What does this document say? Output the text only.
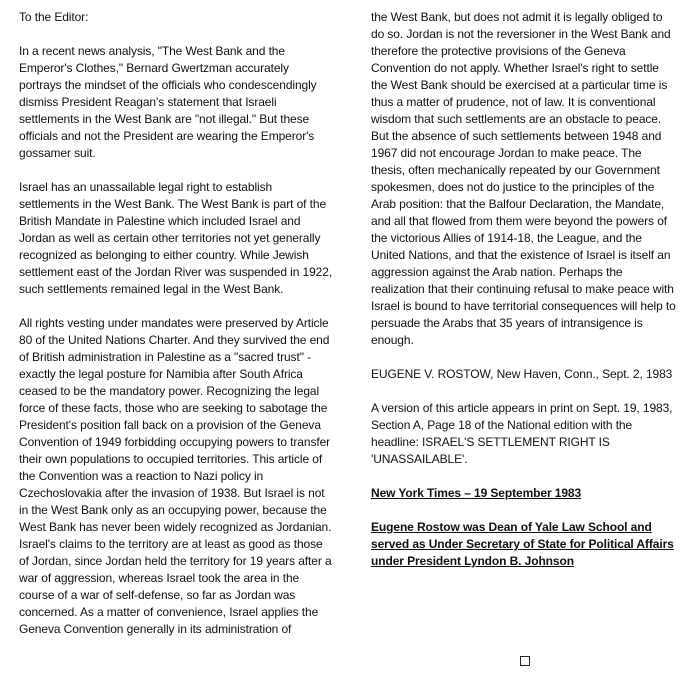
To the Editor:

In a recent news analysis, "The West Bank and the Emperor's Clothes," Bernard Gwertzman accurately portrays the mindset of the officials who condescendingly dismiss President Reagan's statement that Israeli settlements in the West Bank are "not illegal." But these officials and not the President are wearing the Emperor's gossamer suit.

Israel has an unassailable legal right to establish settlements in the West Bank. The West Bank is part of the British Mandate in Palestine which included Israel and Jordan as well as certain other territories not yet generally recognized as belonging to either country. While Jewish settlement east of the Jordan River was suspended in 1922, such settlements remained legal in the West Bank.

All rights vesting under mandates were preserved by Article 80 of the United Nations Charter. And they survived the end of British administration in Palestine as a "sacred trust" - exactly the legal posture for Namibia after South Africa ceased to be the mandatory power. Recognizing the legal force of these facts, those who are seeking to sabotage the President's position fall back on a provision of the Geneva Convention of 1949 forbidding occupying powers to transfer their own populations to occupied territories. This article of the Convention was a reaction to Nazi policy in Czechoslovakia after the invasion of 1938. But Israel is not in the West Bank only as an occupying power, because the West Bank has never been widely recognized as Jordanian. Israel's claims to the territory are at least as good as those of Jordan, since Jordan held the territory for 19 years after a war of aggression, whereas Israel took the area in the course of a war of self-defense, so far as Jordan was concerned. As a matter of convenience, Israel applies the Geneva Convention generally in its administration of

the West Bank, but does not admit it is legally obliged to do so. Jordan is not the reversioner in the West Bank and therefore the protective provisions of the Geneva Convention do not apply. Whether Israel's right to settle the West Bank should be exercised at a particular time is thus a matter of prudence, not of law. It is conventional wisdom that such settlements are an obstacle to peace. But the absence of such settlements between 1948 and 1967 did not encourage Jordan to make peace. The thesis, often mechanically repeated by our Government spokesmen, does not do justice to the principles of the Arab position: that the Balfour Declaration, the Mandate, and all that flowed from them were beyond the powers of the victorious Allies of 1914-18, the League, and the United Nations, and that the existence of Israel is itself an aggression against the Arab nation. Perhaps the realization that their continuing refusal to make peace with Israel is bound to have territorial consequences will help to persuade the Arabs that 35 years of intransigence is enough.

EUGENE V. ROSTOW, New Haven, Conn., Sept. 2, 1983

A version of this article appears in print on Sept. 19, 1983, Section A, Page 18 of the National edition with the headline: ISRAEL'S SETTLEMENT RIGHT IS 'UNASSAILABLE'.

New York Times – 19 September 1983

Eugene Rostow was Dean of Yale Law School and served as Under Secretary of State for Political Affairs under President Lyndon B. Johnson
